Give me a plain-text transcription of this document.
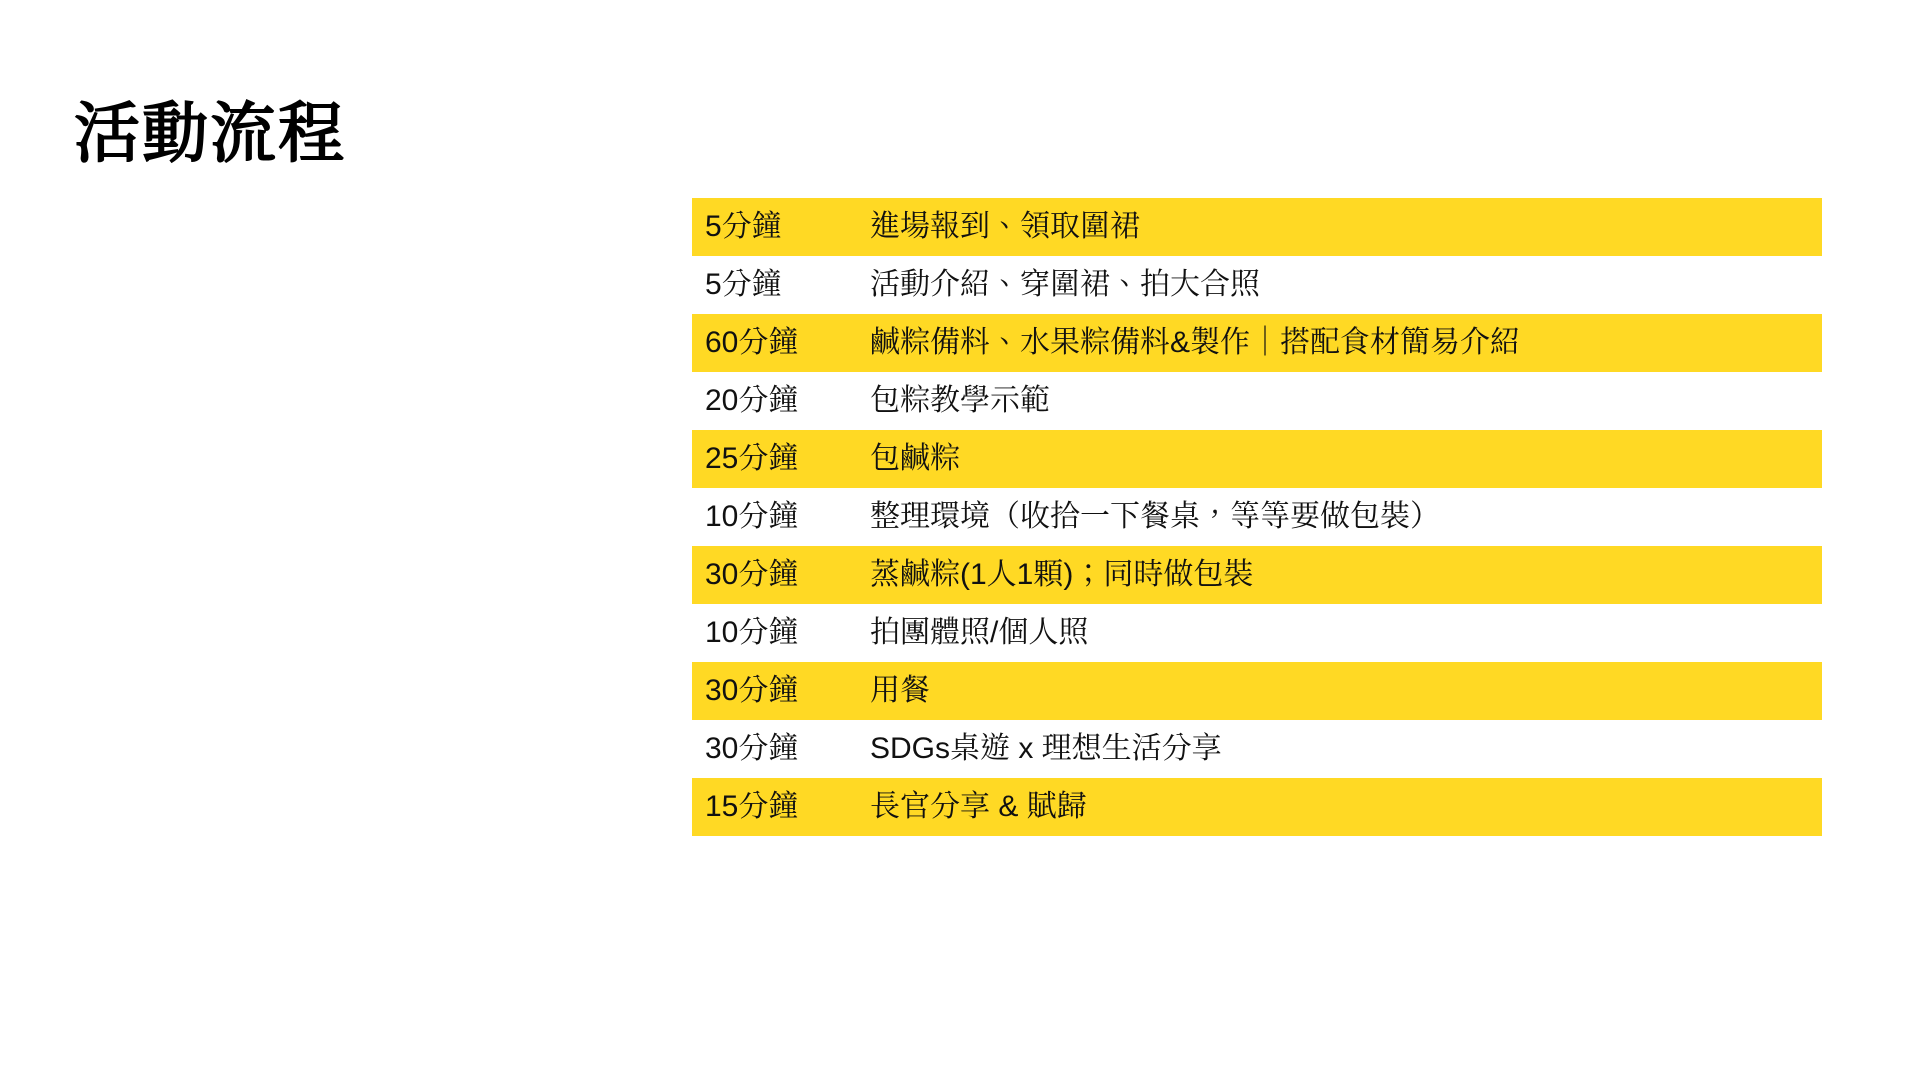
活動流程
5分鐘	進場報到、領取圍裙
5分鐘	活動介紹、穿圍裙、拍大合照
60分鐘	鹹粽備料、水果粽備料&製作｜搭配食材簡易介紹
20分鐘	包粽教學示範
25分鐘	包鹹粽
10分鐘	整理環境（收拾一下餐桌，等等要做包裝）
30分鐘	蒸鹹粽(1人1顆)；同時做包裝
10分鐘	拍團體照/個人照
30分鐘	用餐
30分鐘	SDGs桌遊 x 理想生活分享
15分鐘	長官分享 & 賦歸
